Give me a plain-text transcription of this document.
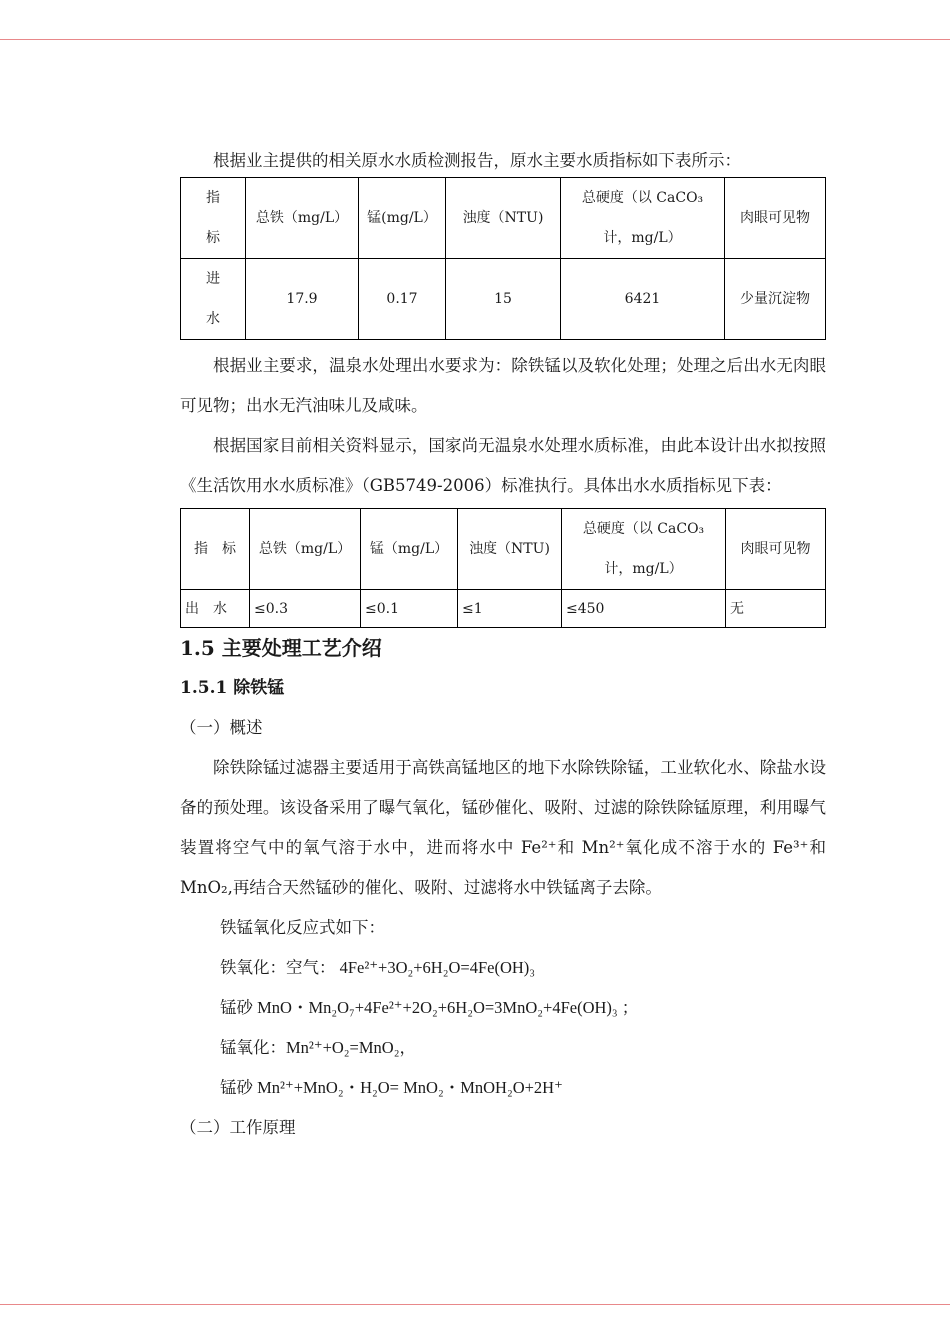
根据业主提供的相关原水水质检测报告，原水主要水质指标如下表所示：

指
标	总铁（mg/L）	锰(mg/L）	浊度（NTU)	总硬度（以 CaCO₃
计，mg/L）	肉眼可见物
进
水	17.9	0.17	15	6421	少量沉淀物

根据业主要求，温泉水处理出水要求为：除铁锰以及软化处理；处理之后出水无肉眼可见物；出水无汽油味儿及咸味。

根据国家目前相关资料显示，国家尚无温泉水处理水质标准，由此本设计出水拟按照《生活饮用水水质标准》（GB5749-2006）标准执行。具体出水水质指标见下表：

指　标	总铁（mg/L）	锰（mg/L）	浊度（NTU)	总硬度（以 CaCO₃
计，mg/L）	肉眼可见物
出　水	≤0.3	≤0.1	≤1	≤450	无
1.5 主要处理工艺介绍
1.5.1 除铁锰

（一）概述

除铁除锰过滤器主要适用于高铁高锰地区的地下水除铁除锰，工业软化水、除盐水设备的预处理。该设备采用了曝气氧化，锰砂催化、吸附、过滤的除铁除锰原理，利用曝气装置将空气中的氧气溶于水中，进而将水中 Fe²⁺和 Mn²⁺氧化成不溶于水的 Fe³⁺和 MnO₂,再结合天然锰砂的催化、吸附、过滤将水中铁锰离子去除。

铁锰氧化反应式如下：

铁氧化：空气： 4Fe²⁺+3O₂+6H₂O=4Fe(OH)₃

锰砂 MnO・Mn₂O₇+4Fe²⁺+2O₂+6H₂O=3MnO₂+4Fe(OH)₃ ；

锰氧化：Mn²⁺+O₂=MnO₂，

锰砂 Mn²⁺+MnO₂・H₂O= MnO₂・MnOH₂O+2H⁺

（二）工作原理
